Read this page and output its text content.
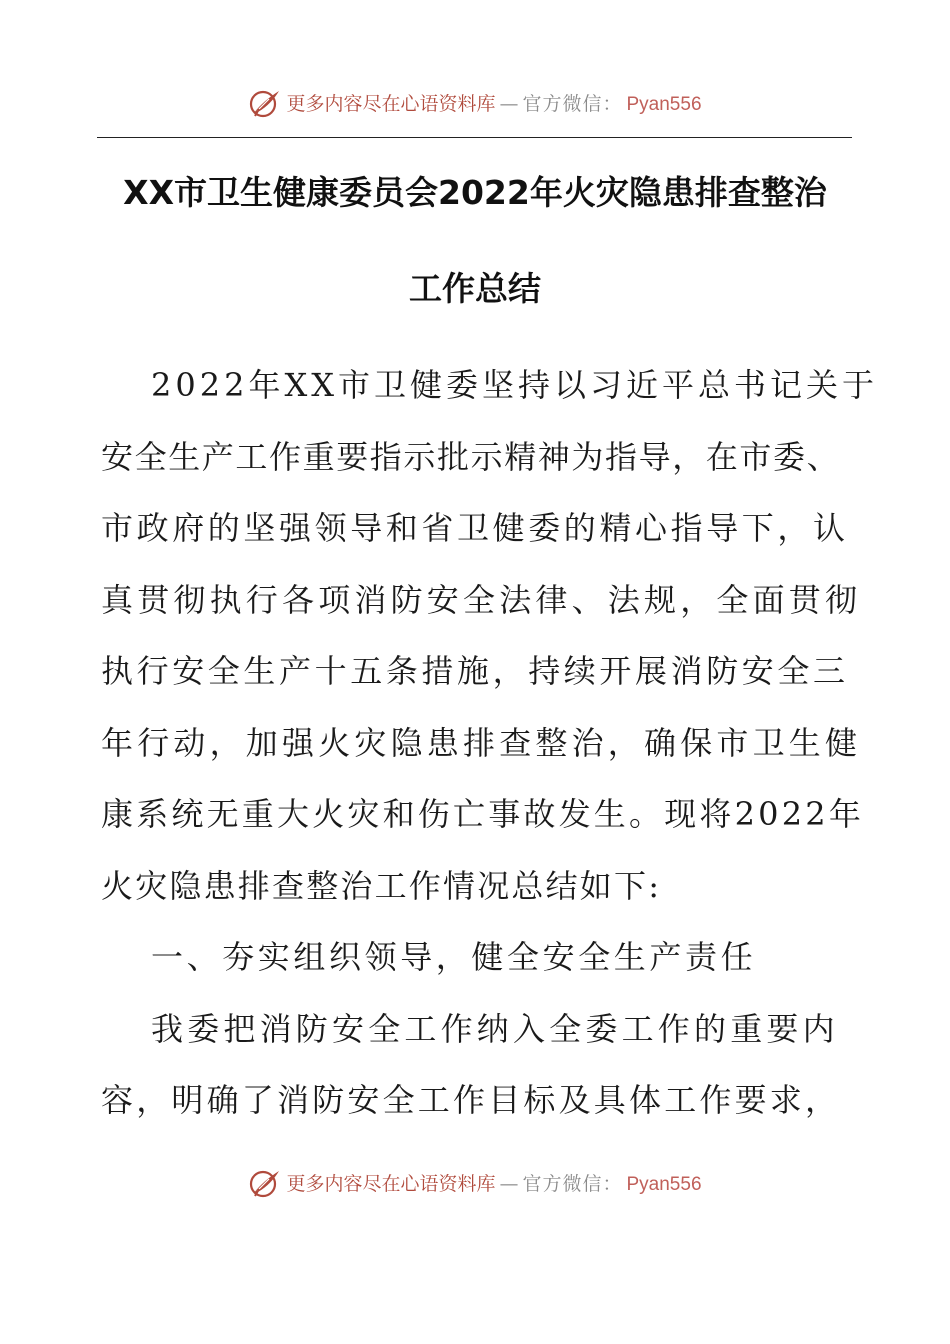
更多内容尽在心语资料库 — 官方微信： Pyan556
XX市卫生健康委员会2022年火灾隐患排查整治
工作总结
2022年XX市卫健委坚持以习近平总书记关于
安全生产工作重要指示批示精神为指导，在市委、
市政府的坚强领导和省卫健委的精心指导下，认
真贯彻执行各项消防安全法律、法规，全面贯彻
执行安全生产十五条措施，持续开展消防安全三
年行动，加强火灾隐患排查整治，确保市卫生健
康系统无重大火灾和伤亡事故发生。现将2022年
火灾隐患排查整治工作情况总结如下:
一、夯实组织领导，健全安全生产责任
我委把消防安全工作纳入全委工作的重要内
容，明确了消防安全工作目标及具体工作要求，
更多内容尽在心语资料库 — 官方微信： Pyan556
